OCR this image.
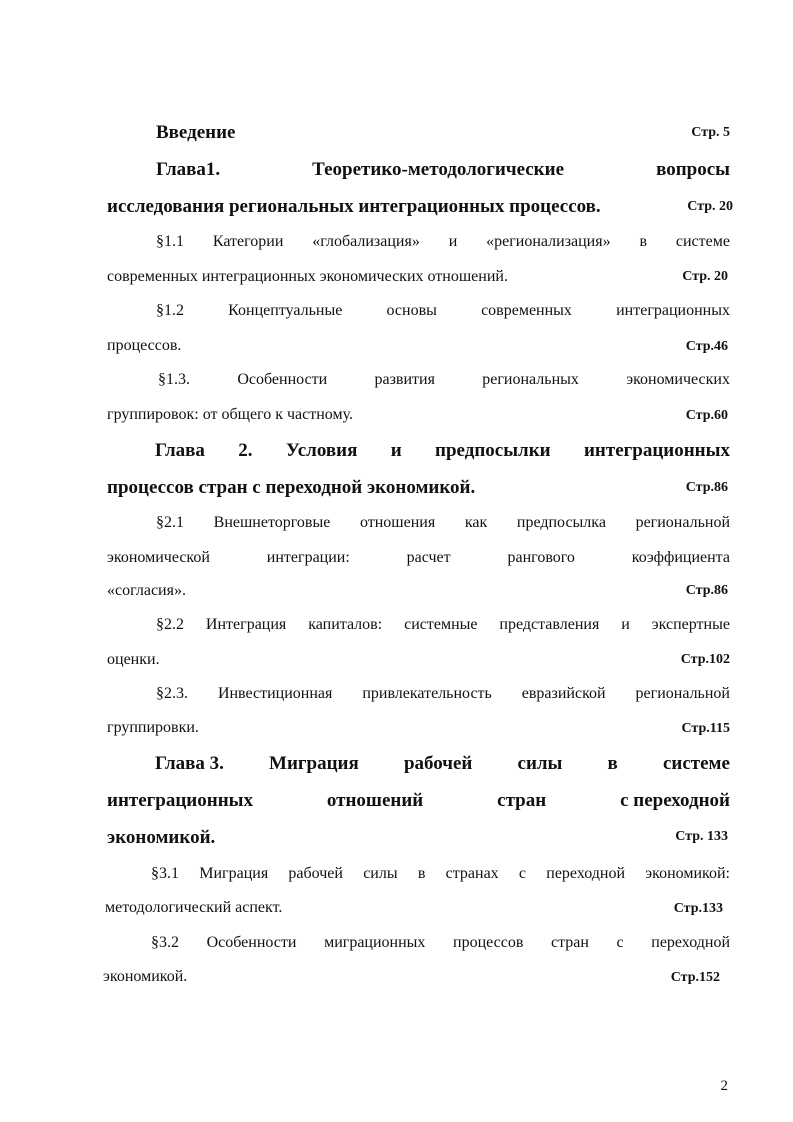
Введение	Стр. 5
Глава1.	Теоретико-методологические	вопросы
исследования региональных интеграционных процессов.	Стр. 20
§1.1 Категории «глобализация» и «регионализация» в системе
современных интеграционных экономических отношений.	Стр. 20
§1.2	Концептуальные	основы	современных	интеграционных
процессов.	Стр.46
§1.3.	Особенности	развития	региональных	экономических
группировок: от общего к частному.	Стр.60
Глава 2. Условия и предпосылки интеграционных
процессов стран с переходной экономикой.	Стр.86
§2.1 Внешнеторговые отношения как предпосылка региональной
экономической	интеграции:	расчет	рангового	коэффициента
«согласия».	Стр.86
§2.2 Интеграция капиталов: системные представления и экспертные
оценки.	Стр.102
§2.3. Инвестиционная привлекательность евразийской региональной
группировки.	Стр.115
Глава 3. Миграция рабочей силы в системе
интеграционных	отношений	стран	с переходной
экономикой.	Стр. 133
§3.1 Миграция рабочей силы в странах с переходной экономикой:
методологический аспект.	Стр.133
§3.2 Особенности миграционных процессов стран с переходной
экономикой.	Стр.152
2
